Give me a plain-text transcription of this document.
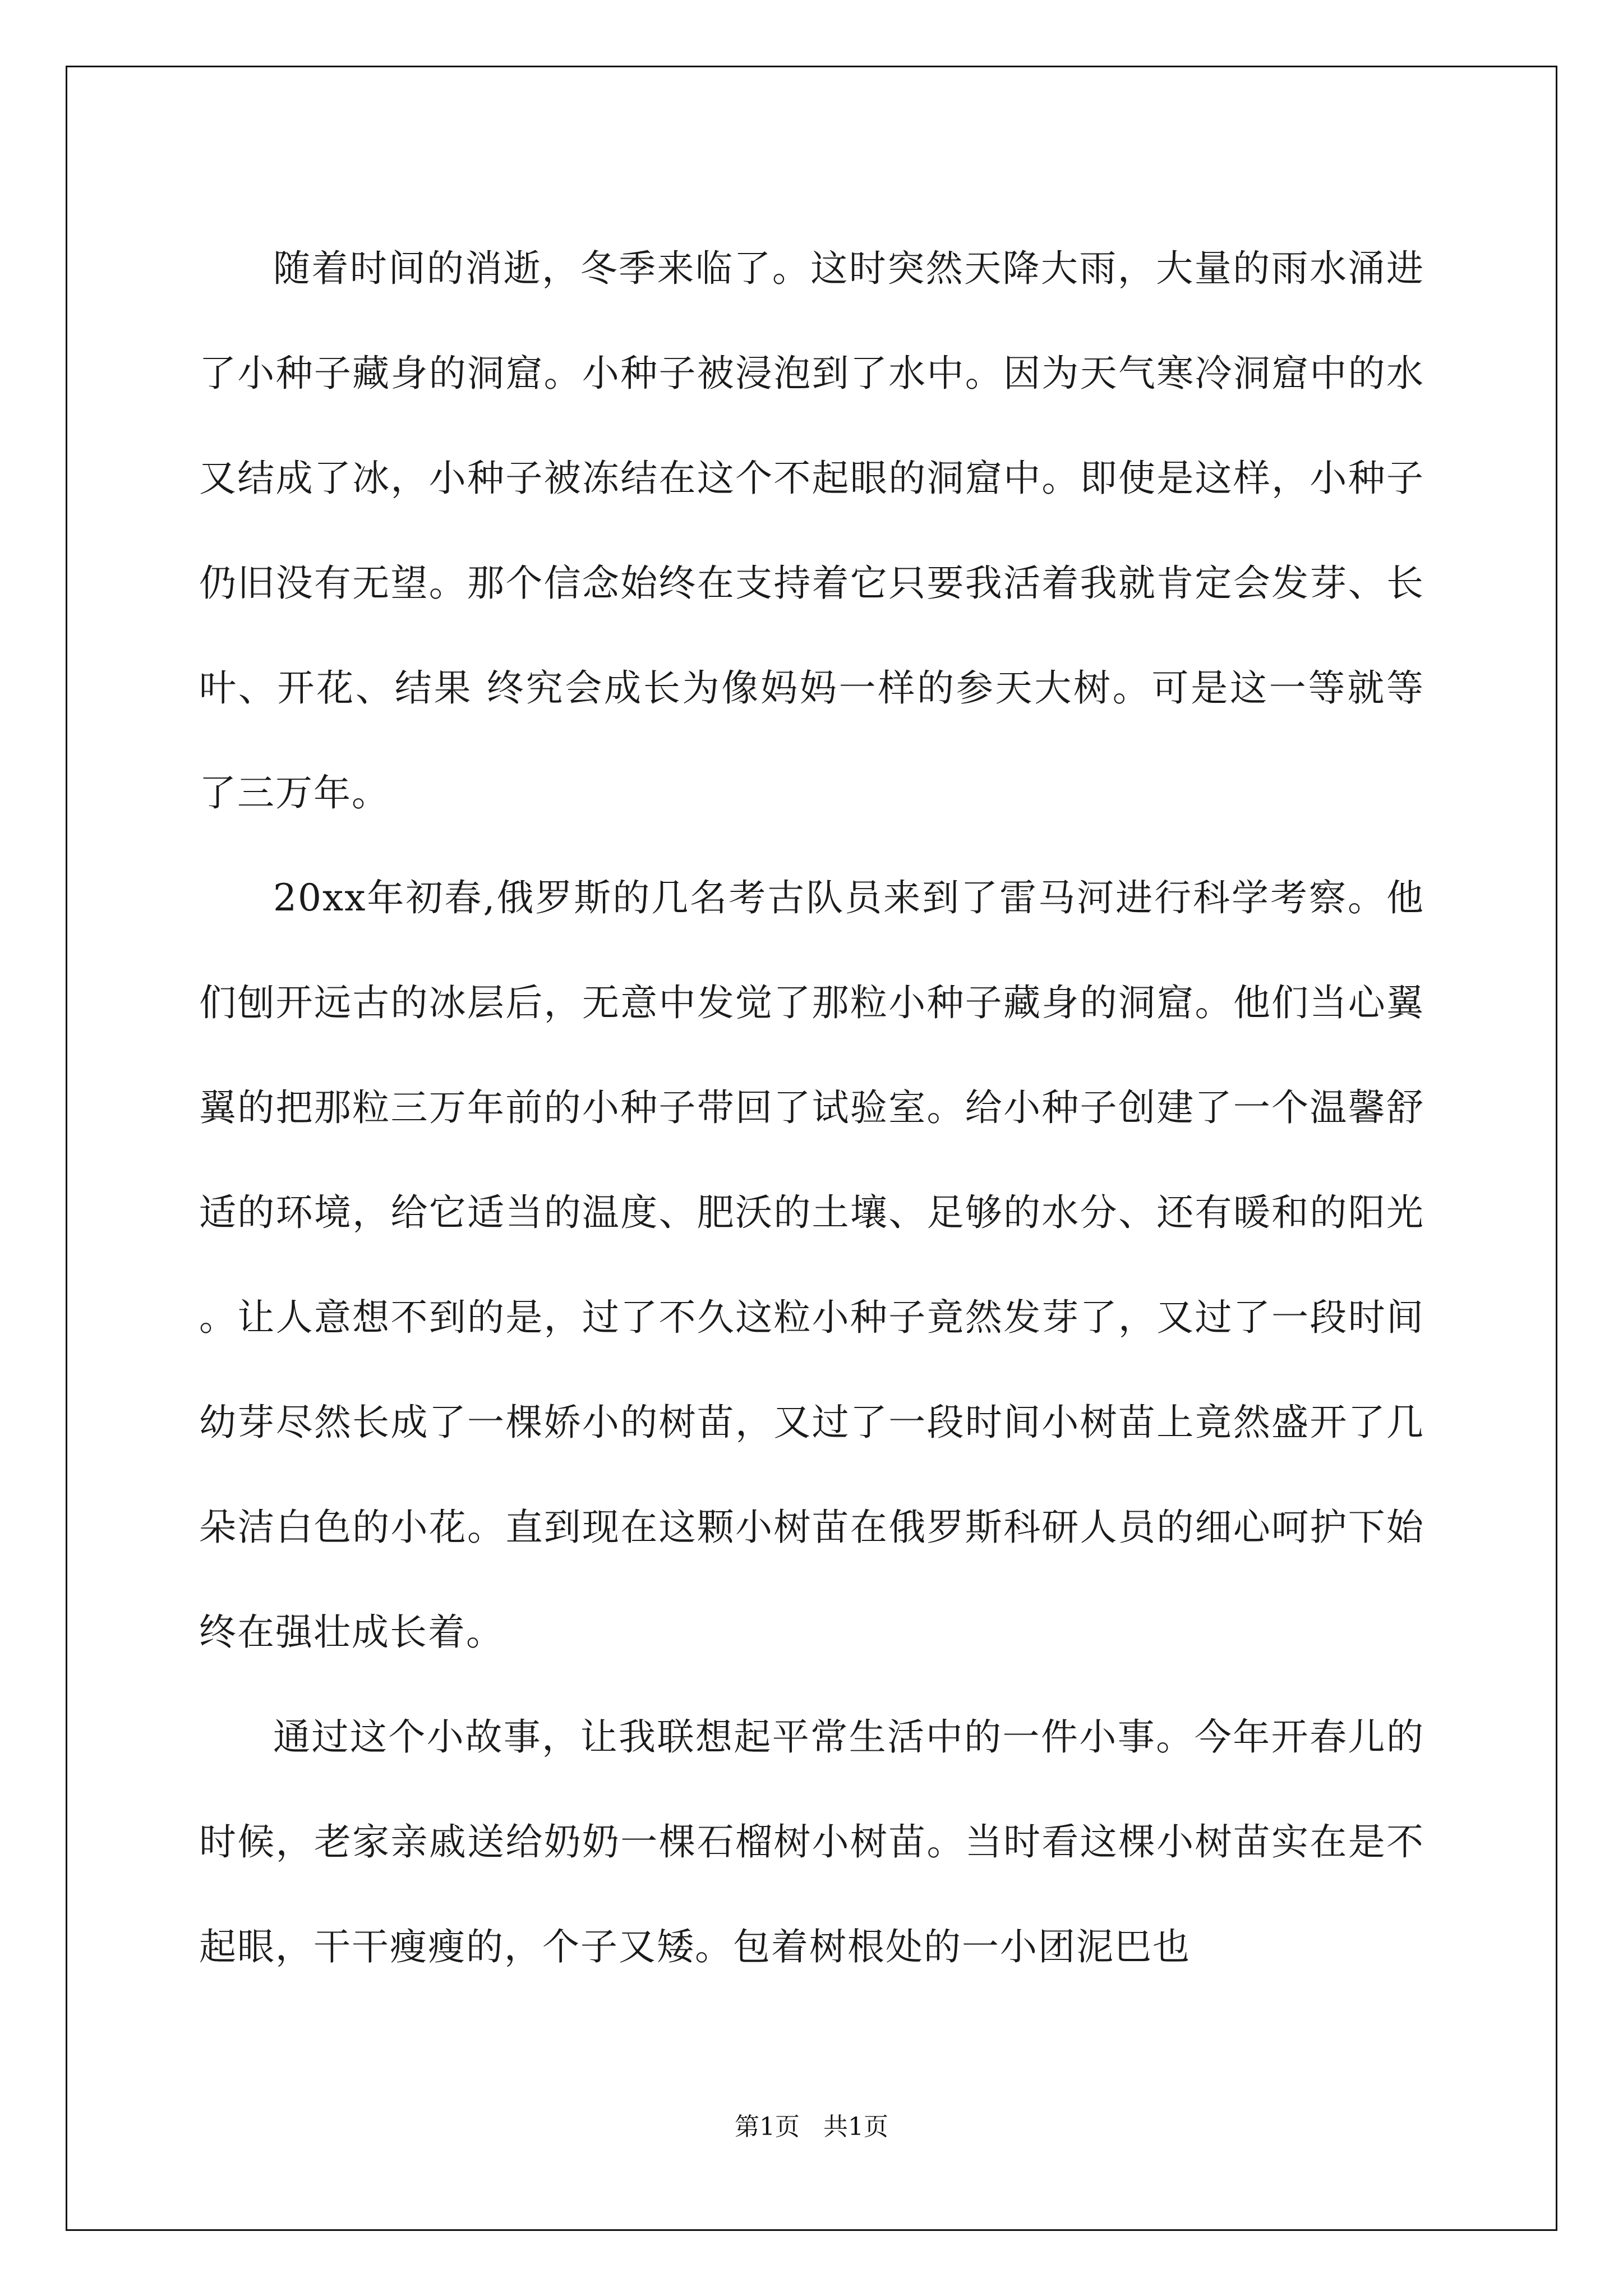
随着时间的消逝，冬季来临了。这时突然天降大雨，大量的雨水涌进了小种子藏身的洞窟。小种子被浸泡到了水中。因为天气寒冷洞窟中的水又结成了冰，小种子被冻结在这个不起眼的洞窟中。即使是这样，小种子仍旧没有无望。那个信念始终在支持着它只要我活着我就肯定会发芽、长叶、开花、结果 终究会成长为像妈妈一样的参天大树。可是这一等就等了三万年。

20xx年初春,俄罗斯的几名考古队员来到了雷马河进行科学考察。他们刨开远古的冰层后，无意中发觉了那粒小种子藏身的洞窟。他们当心翼翼的把那粒三万年前的小种子带回了试验室。给小种子创建了一个温馨舒适的环境，给它适当的温度、肥沃的土壤、足够的水分、还有暖和的阳光 。让人意想不到的是，过了不久这粒小种子竟然发芽了，又过了一段时间幼芽尽然长成了一棵娇小的树苗，又过了一段时间小树苗上竟然盛开了几朵洁白色的小花。直到现在这颗小树苗在俄罗斯科研人员的细心呵护下始终在强壮成长着。

通过这个小故事，让我联想起平常生活中的一件小事。今年开春儿的时候，老家亲戚送给奶奶一棵石榴树小树苗。当时看这棵小树苗实在是不起眼，干干瘦瘦的，个子又矮。包着树根处的一小团泥巴也

第1页   共1页
